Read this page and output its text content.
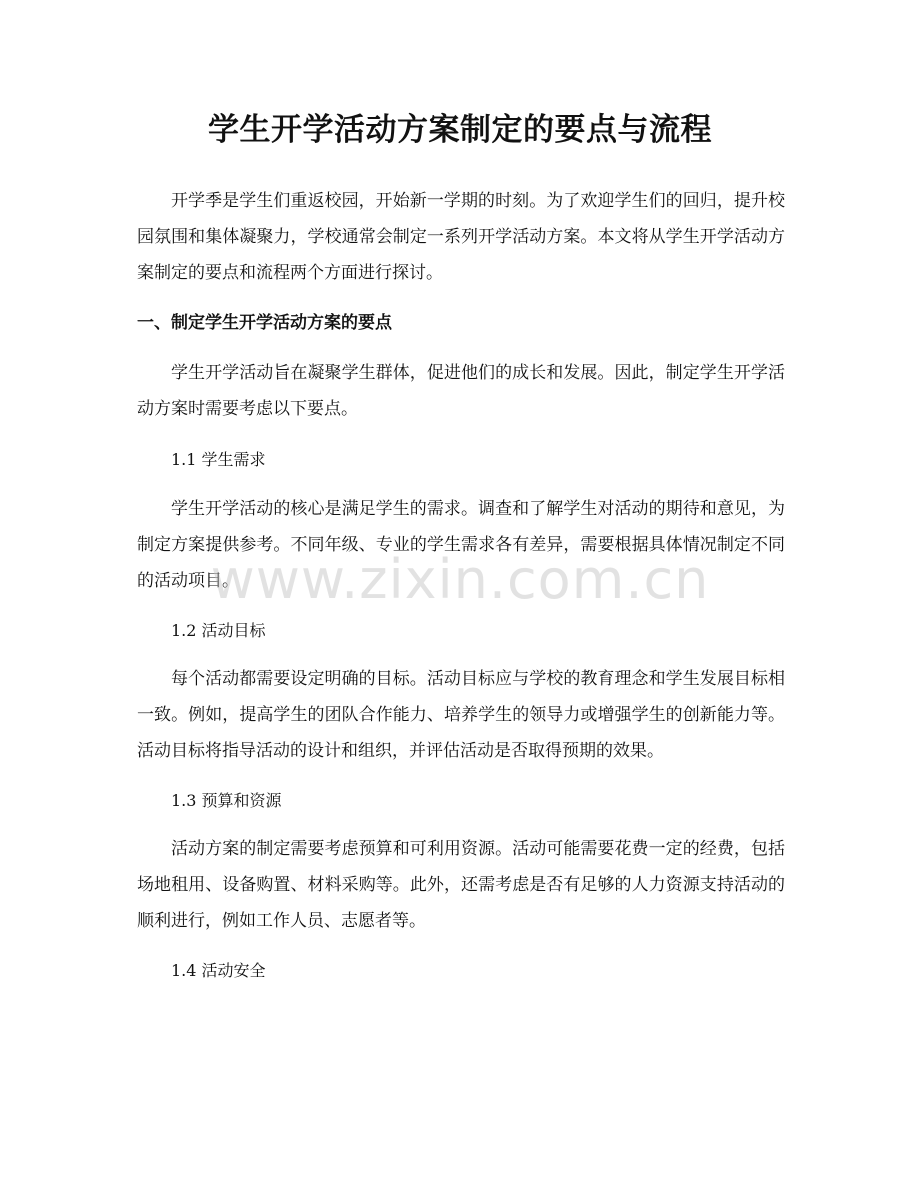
学生开学活动方案制定的要点与流程

开学季是学生们重返校园，开始新一学期的时刻。为了欢迎学生们的回归，提升校园氛围和集体凝聚力，学校通常会制定一系列开学活动方案。本文将从学生开学活动方案制定的要点和流程两个方面进行探讨。

一、制定学生开学活动方案的要点

学生开学活动旨在凝聚学生群体，促进他们的成长和发展。因此，制定学生开学活动方案时需要考虑以下要点。

1.1 学生需求

学生开学活动的核心是满足学生的需求。调查和了解学生对活动的期待和意见，为制定方案提供参考。不同年级、专业的学生需求各有差异，需要根据具体情况制定不同的活动项目。

1.2 活动目标

每个活动都需要设定明确的目标。活动目标应与学校的教育理念和学生发展目标相一致。例如，提高学生的团队合作能力、培养学生的领导力或增强学生的创新能力等。活动目标将指导活动的设计和组织，并评估活动是否取得预期的效果。

1.3 预算和资源

活动方案的制定需要考虑预算和可利用资源。活动可能需要花费一定的经费，包括场地租用、设备购置、材料采购等。此外，还需考虑是否有足够的人力资源支持活动的顺利进行，例如工作人员、志愿者等。

1.4 活动安全
www.zixin.com.cn
